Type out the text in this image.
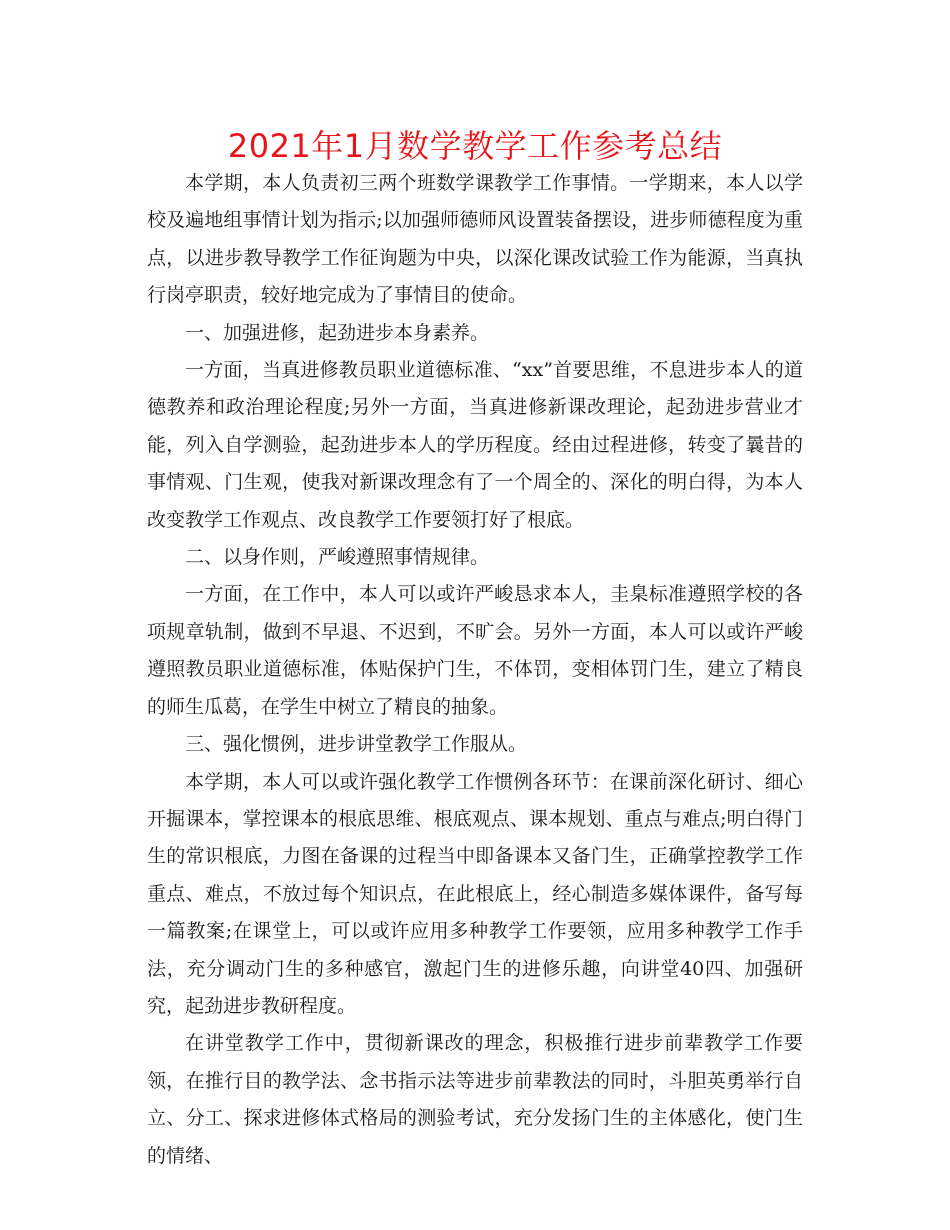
2021年1月数学教学工作参考总结

本学期，本人负责初三两个班数学课教学工作事情。一学期来，本人以学校及遍地组事情计划为指示;以加强师德师风设置装备摆设，进步师德程度为重点，以进步教导教学工作征询题为中央，以深化课改试验工作为能源，当真执行岗亭职责，较好地完成为了事情目的使命。

一、加强进修，起劲进步本身素养。

一方面，当真进修教员职业道德标准、“xx”首要思维，不息进步本人的道德教养和政治理论程度;另外一方面，当真进修新课改理论，起劲进步营业才能，列入自学测验，起劲进步本人的学历程度。经由过程进修，转变了曩昔的事情观、门生观，使我对新课改理念有了一个周全的、深化的明白得，为本人改变教学工作观点、改良教学工作要领打好了根底。

二、以身作则，严峻遵照事情规律。

一方面，在工作中，本人可以或许严峻恳求本人，圭臬标准遵照学校的各项规章轨制，做到不早退、不迟到，不旷会。另外一方面，本人可以或许严峻遵照教员职业道德标准，体贴保护门生，不体罚，变相体罚门生，建立了精良的师生瓜葛，在学生中树立了精良的抽象。

三、强化惯例，进步讲堂教学工作服从。

本学期，本人可以或许强化教学工作惯例各环节：在课前深化研讨、细心开掘课本，掌控课本的根底思维、根底观点、课本规划、重点与难点;明白得门生的常识根底，力图在备课的过程当中即备课本又备门生，正确掌控教学工作重点、难点，不放过每个知识点，在此根底上，经心制造多媒体课件，备写每一篇教案;在课堂上，可以或许应用多种教学工作要领，应用多种教学工作手法，充分调动门生的多种感官，激起门生的进修乐趣，向讲堂40四、加强研究，起劲进步教研程度。

在讲堂教学工作中，贯彻新课改的理念，积极推行进步前辈教学工作要领，在推行目的教学法、念书指示法等进步前辈教法的同时，斗胆英勇举行自立、分工、探求进修体式格局的测验考试，充分发扬门生的主体感化，使门生的情绪、
